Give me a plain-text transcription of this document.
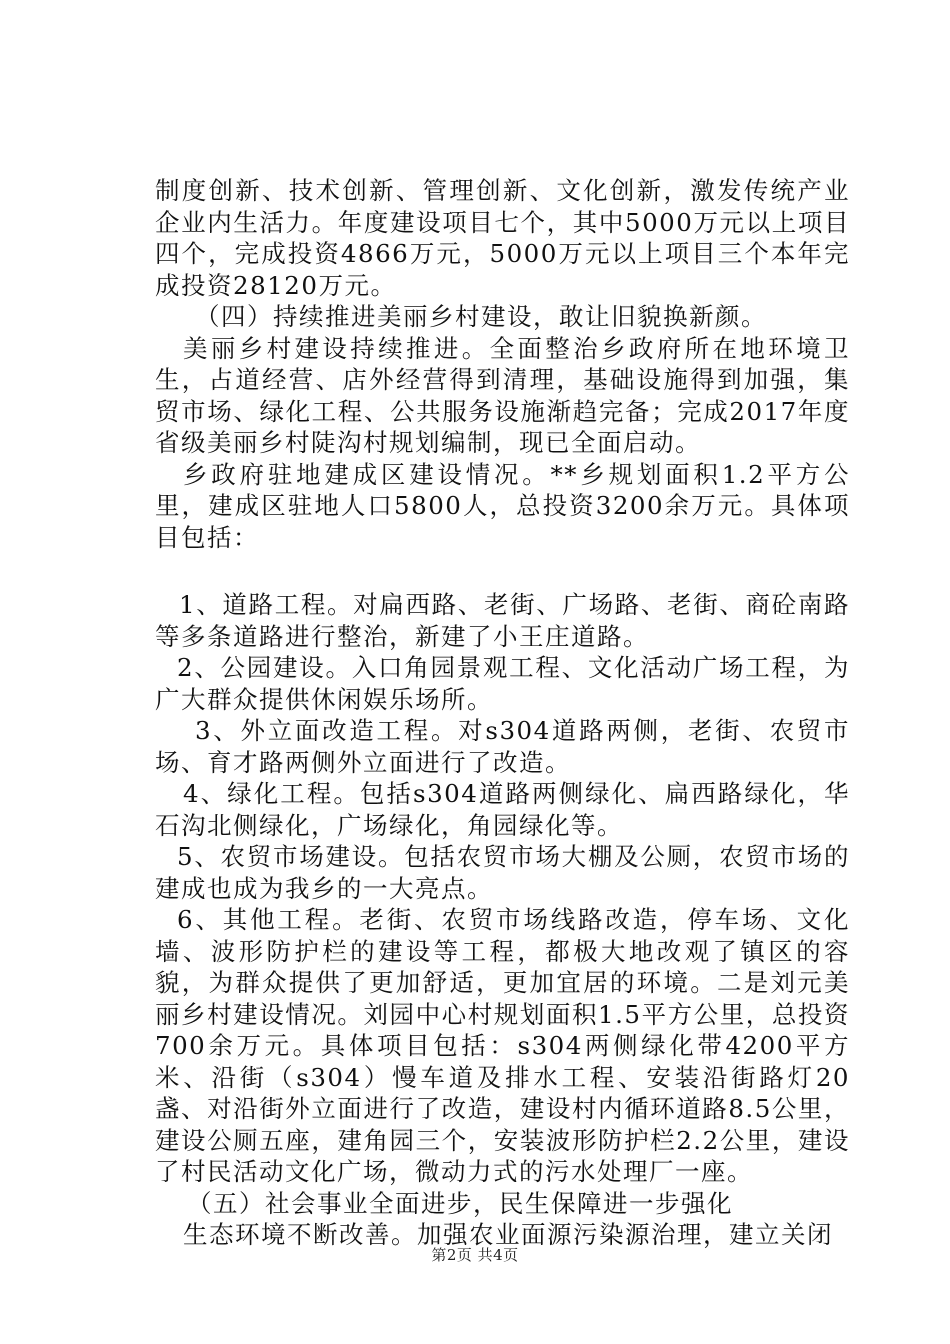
制度创新、技术创新、管理创新、文化创新，激发传统产业企业内生活力。年度建设项目七个，其中5000万元以上项目四个，完成投资4866万元，5000万元以上项目三个本年完成投资28120万元。

（四）持续推进美丽乡村建设，敢让旧貌换新颜。

美丽乡村建设持续推进。全面整治乡政府所在地环境卫生，占道经营、店外经营得到清理，基础设施得到加强，集贸市场、绿化工程、公共服务设施渐趋完备；完成2017年度省级美丽乡村陡沟村规划编制，现已全面启动。

乡政府驻地建成区建设情况。**乡规划面积1.2平方公里，建成区驻地人口5800人，总投资3200余万元。具体项目包括：

1、道路工程。对扁西路、老街、广场路、老街、商砼南路等多条道路进行整治，新建了小王庄道路。

2、公园建设。入口角园景观工程、文化活动广场工程，为广大群众提供休闲娱乐场所。

3、外立面改造工程。对s304道路两侧，老街、农贸市场、育才路两侧外立面进行了改造。

4、绿化工程。包括s304道路两侧绿化、扁西路绿化，华石沟北侧绿化，广场绿化，角园绿化等。

5、农贸市场建设。包括农贸市场大棚及公厕，农贸市场的建成也成为我乡的一大亮点。

6、其他工程。老街、农贸市场线路改造，停车场、文化墙、波形防护栏的建设等工程，都极大地改观了镇区的容貌，为群众提供了更加舒适，更加宜居的环境。二是刘元美丽乡村建设情况。刘园中心村规划面积1.5平方公里，总投资700余万元。具体项目包括：s304两侧绿化带4200平方米、沿街（s304）慢车道及排水工程、安装沿街路灯20盏、对沿街外立面进行了改造，建设村内循环道路8.5公里，建设公厕五座，建角园三个，安装波形防护栏2.2公里，建设了村民活动文化广场，微动力式的污水处理厂一座。

（五）社会事业全面进步，民生保障进一步强化

生态环境不断改善。加强农业面源污染源治理，建立关闭

第2页 共4页
